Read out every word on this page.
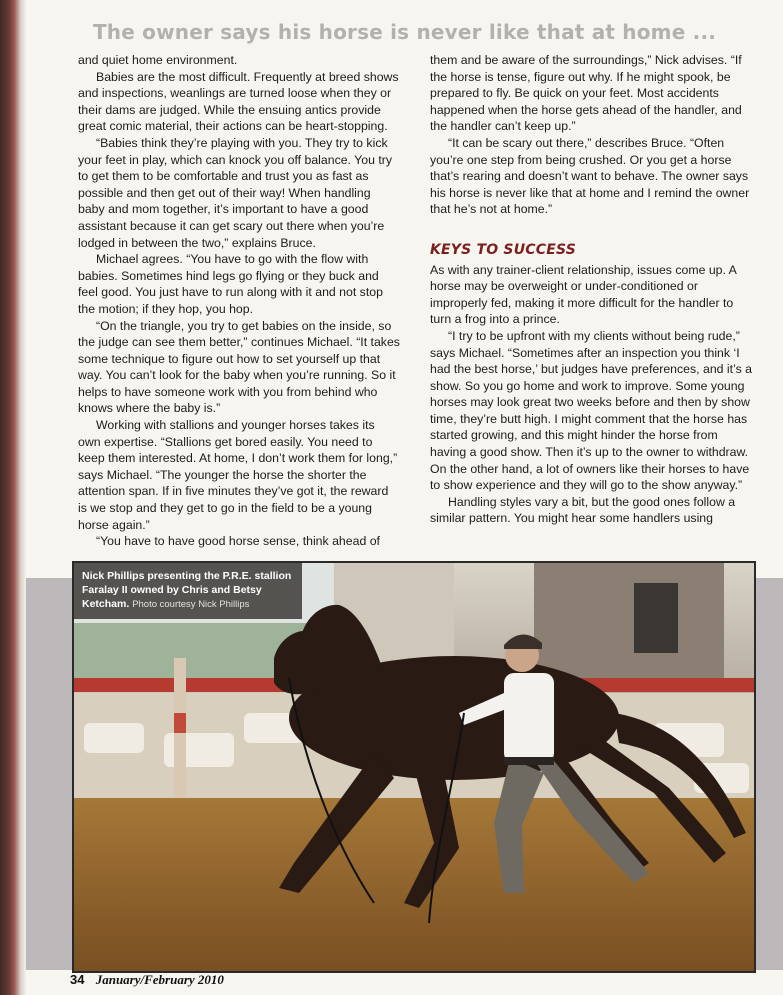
The owner says his horse is never like that at home ...

and quiet home environment.

Babies are the most difficult. Frequently at breed shows and inspections, weanlings are turned loose when they or their dams are judged. While the ensuing antics provide great comic material, their actions can be heart-stopping.

“Babies think they’re playing with you. They try to kick your feet in play, which can knock you off balance. You try to get them to be comfortable and trust you as fast as possible and then get out of their way! When handling baby and mom together, it’s important to have a good assistant because it can get scary out there when you’re lodged in between the two,” explains Bruce.

Michael agrees. “You have to go with the flow with babies. Sometimes hind legs go flying or they buck and feel good. You just have to run along with it and not stop the motion; if they hop, you hop.

“On the triangle, you try to get babies on the inside, so the judge can see them better,” continues Michael. “It takes some technique to figure out how to set yourself up that way. You can’t look for the baby when you’re running. So it helps to have someone work with you from behind who knows where the baby is.”

Working with stallions and younger horses takes its own expertise. “Stallions get bored easily. You need to keep them interested. At home, I don’t work them for long,” says Michael. “The younger the horse the shorter the attention span. If in five minutes they’ve got it, the reward is we stop and they get to go in the field to be a young horse again.”

“You have to have good horse sense, think ahead of

them and be aware of the surroundings,” Nick advises. “If the horse is tense, figure out why. If he might spook, be prepared to fly. Be quick on your feet. Most accidents happened when the horse gets ahead of the handler, and the handler can’t keep up.”

“It can be scary out there,” describes Bruce. “Often you’re one step from being crushed. Or you get a horse that’s rearing and doesn’t want to behave. The owner says his horse is never like that at home and I remind the owner that he’s not at home.”

KEYS TO SUCCESS

As with any trainer-client relationship, issues come up. A horse may be overweight or under-conditioned or improperly fed, making it more difficult for the handler to turn a frog into a prince.

“I try to be upfront with my clients without being rude,” says Michael. “Sometimes after an inspection you think ‘I had the best horse,’ but judges have preferences, and it’s a show. So you go home and work to improve. Some young horses may look great two weeks before and then by show time, they’re butt high. I might comment that the horse has started growing, and this might hinder the horse from having a good show. Then it’s up to the owner to withdraw. On the other hand, a lot of owners like their horses to have to show experience and they will go to the show anyway.”

Handling styles vary a bit, but the good ones follow a similar pattern. You might hear some handlers using

Nick Phillips presenting the P.R.E. stallion Faralay II owned by Chris and Betsy Ketcham. Photo courtesy Nick Phillips
34 January/February 2010
